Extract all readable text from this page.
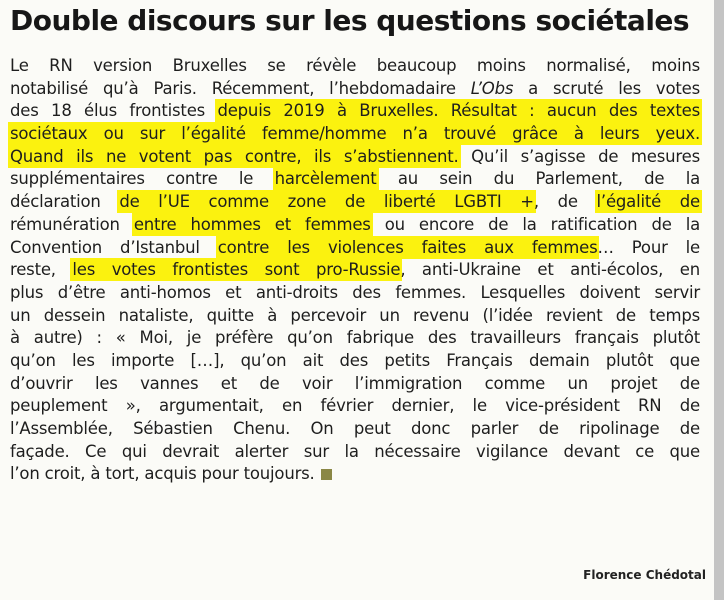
Double discours sur les questions sociétales
Le RN version Bruxelles se révèle beaucoup moins normalisé, moins
notabilisé qu’à Paris. Récemment, l’hebdomadaire L’Obs a scruté les votes
des 18 élus frontistes depuis 2019 à Bruxelles. Résultat : aucun des textes
sociétaux ou sur l’égalité femme/homme n’a trouvé grâce à leurs yeux.
Quand ils ne votent pas contre, ils s’abstiennent. Qu’il s’agisse de mesures
supplémentaires contre le harcèlement au sein du Parlement, de la
déclaration de l’UE comme zone de liberté LGBTI +, de l’égalité de
rémunération entre hommes et femmes ou encore de la ratification de la
Convention d’Istanbul contre les violences faites aux femmes… Pour le
reste, les votes frontistes sont pro-Russie, anti-Ukraine et anti-écolos, en
plus d’être anti-homos et anti-droits des femmes. Lesquelles doivent servir
un dessein nataliste, quitte à percevoir un revenu (l’idée revient de temps
à autre) : « Moi, je préfère qu’on fabrique des travailleurs français plutôt
qu’on les importe […], qu’on ait des petits Français demain plutôt que
d’ouvrir les vannes et de voir l’immigration comme un projet de
peuplement », argumentait, en février dernier, le vice-président RN de
l’Assemblée, Sébastien Chenu. On peut donc parler de ripolinage de
façade. Ce qui devrait alerter sur la nécessaire vigilance devant ce que
l’on croit, à tort, acquis pour toujours.
Florence Chédotal
